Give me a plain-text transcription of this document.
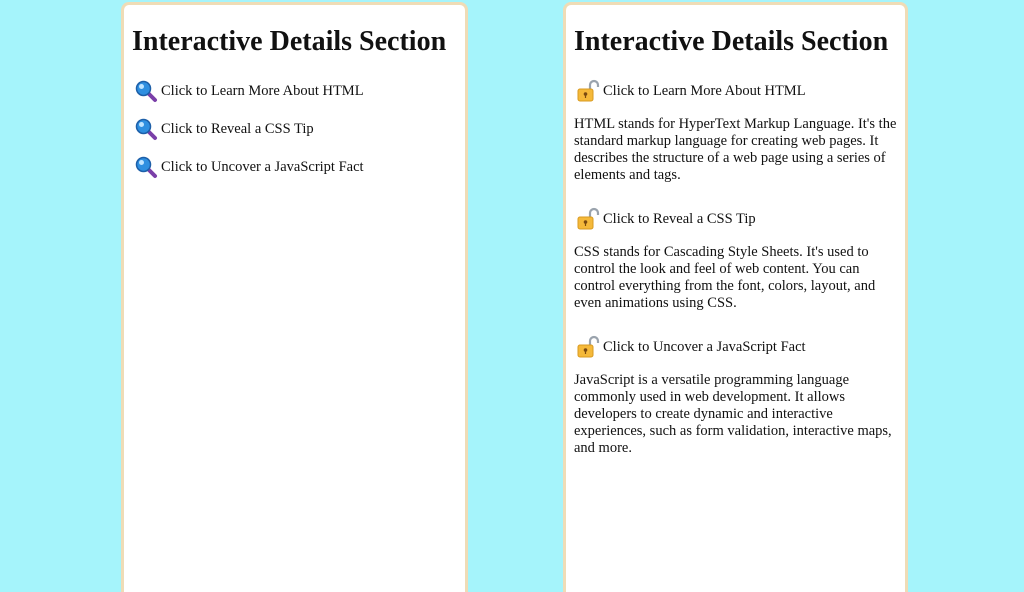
Interactive Details Section
Click to Learn More About HTML
Click to Reveal a CSS Tip
Click to Uncover a JavaScript Fact
Interactive Details Section
Click to Learn More About HTML

HTML stands for HyperText Markup Language. It's the standard markup language for creating web pages. It describes the structure of a web page using a series of elements and tags.

Click to Reveal a CSS Tip

CSS stands for Cascading Style Sheets. It's used to control the look and feel of web content. You can control everything from the font, colors, layout, and even animations using CSS.

Click to Uncover a JavaScript Fact

JavaScript is a versatile programming language commonly used in web development. It allows developers to create dynamic and interactive experiences, such as form validation, interactive maps, and more.
